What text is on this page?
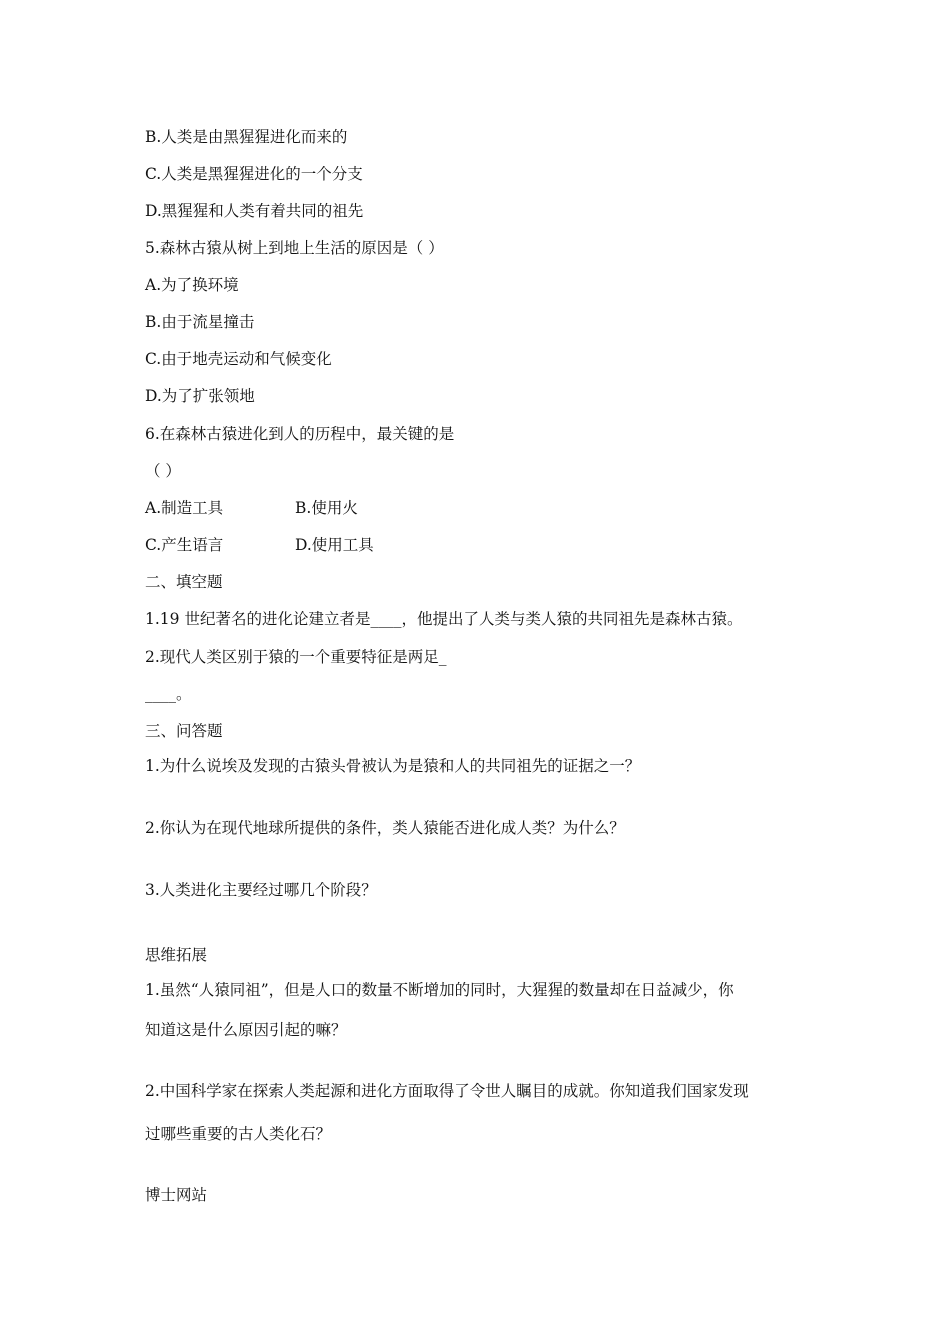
B.人类是由黑猩猩进化而来的
C.人类是黑猩猩进化的一个分支
D.黑猩猩和人类有着共同的祖先
5.森林古猿从树上到地上生活的原因是（ ）
A.为了换环境
B.由于流星撞击
C.由于地壳运动和气候变化
D.为了扩张领地
6.在森林古猿进化到人的历程中，最关键的是
（ ）
A.制造工具	B.使用火
C.产生语言	D.使用工具
二、填空题
1.19 世纪著名的进化论建立者是____，他提出了人类与类人猿的共同祖先是森林古猿。
2.现代人类区别于猿的一个重要特征是两足_
____。
三、问答题
1.为什么说埃及发现的古猿头骨被认为是猿和人的共同祖先的证据之一？
2.你认为在现代地球所提供的条件，类人猿能否进化成人类？为什么？
3.人类进化主要经过哪几个阶段？
思维拓展
1.虽然“人猿同祖”，但是人口的数量不断增加的同时，大猩猩的数量却在日益减少，你
知道这是什么原因引起的嘛？
2.中国科学家在探索人类起源和进化方面取得了令世人瞩目的成就。你知道我们国家发现
过哪些重要的古人类化石？
博士网站
